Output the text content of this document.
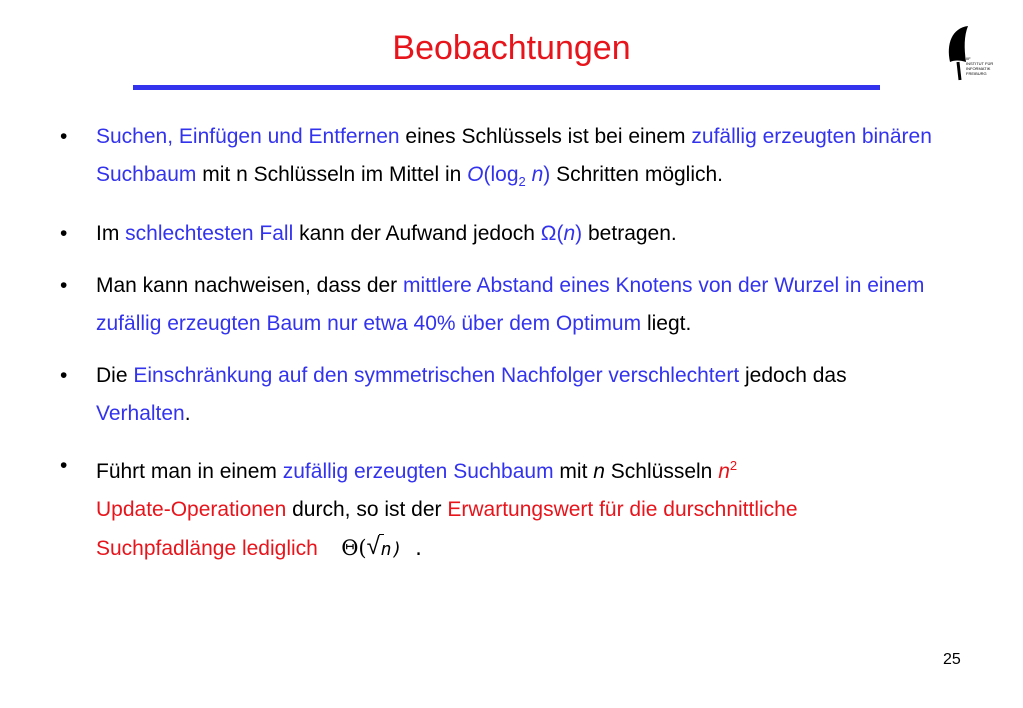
Beobachtungen	IIF
INSTITUT FÜR
INFORMATIK
FREIBURG
• Suchen, Einfügen und Entfernen eines Schlüssels ist bei einem zufällig erzeugten binären Suchbaum mit n Schlüsseln im Mittel in $O(\log_2$ n) Schritten möglich.
• Im schlechtesten Fall kann der Aufwand jedoch Ω(n) betragen.
• Man kann nachweisen, dass der mittlere Abstand eines Knotens von der Wurzel in einem zufällig erzeugten Baum nur etwa 40% über dem Optimum liegt.
• Die Einschränkung auf den symmetrischen Nachfolger verschlechtert jedoch das Verhalten.
• Führt man in einem zufällig erzeugten Suchbaum mit n Schlüsseln $n^2$
Update-Operationen durch, so ist der Erwartungswert für die durschnittliche Suchpfadlänge lediglich Θ( √ n) .
25
